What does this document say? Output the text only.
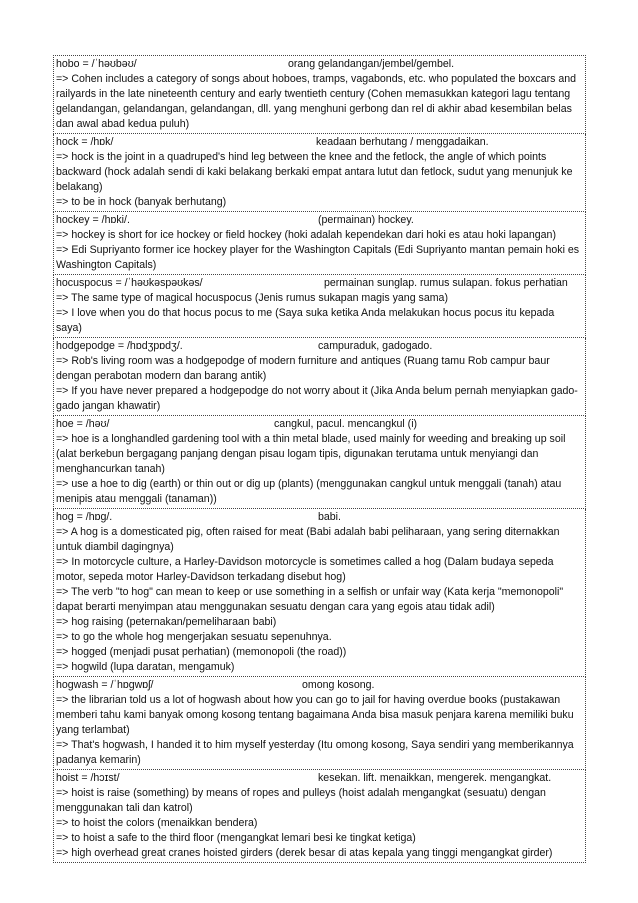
hobo = /ˈhəʊbəʊ/	orang gelandangan/jembel/gembel.
=> Cohen includes a category of songs about hoboes, tramps, vagabonds, etc. who populated the boxcars and railyards in the late nineteenth century and early twentieth century (Cohen memasukkan kategori lagu tentang gelandangan, gelandangan, gelandangan, dll. yang menghuni gerbong dan rel di akhir abad kesembilan belas dan awal abad kedua puluh)
hock = /hɒk/	keadaan berhutang / menggadaikan.
=> hock is the joint in a quadruped's hind leg between the knee and the fetlock, the angle of which points backward (hock adalah sendi di kaki belakang berkaki empat antara lutut dan fetlock, sudut yang menunjuk ke belakang)
=> to be in hock (banyak berhutang)
hockey = /hɒki/.	(permainan) hockey.
=> hockey is short for ice hockey or field hockey (hoki adalah kependekan dari hoki es atau hoki lapangan)
=> Edi Supriyanto former ice hockey player for the Washington Capitals (Edi Supriyanto mantan pemain hoki es Washington Capitals)
hocuspocus = /ˈhəʊkəspəʊkəs/	permainan sunglap. rumus sulapan. fokus perhatian
=> The same type of magical hocuspocus (Jenis rumus sukapan magis yang sama)
=> I love when you do that hocus pocus to me (Saya suka ketika Anda melakukan hocus pocus itu kepada saya)
hodgepodge = /hɒdʒpɒdʒ/.	campuraduk, gadogado.
=> Rob's living room was a hodgepodge of modern furniture and antiques (Ruang tamu Rob campur baur dengan perabotan modern dan barang antik)
=> If you have never prepared a hodgepodge do not worry about it (Jika Anda belum pernah menyiapkan gado-gado jangan khawatir)
hoe = /həʊ/	cangkul, pacul. mencangkul (i)
=> hoe is a longhandled gardening tool with a thin metal blade, used mainly for weeding and breaking up soil (alat berkebun bergagang panjang dengan pisau logam tipis, digunakan terutama untuk menyiangi dan menghancurkan tanah)
=> use a hoe to dig (earth) or thin out or dig up (plants) (menggunakan cangkul untuk menggali (tanah) atau menipis atau menggali (tanaman))
hog = /hɒg/.	babi.
=> A hog is a domesticated pig, often raised for meat (Babi adalah babi peliharaan, yang sering diternakkan untuk diambil dagingnya)
=> In motorcycle culture, a Harley-Davidson motorcycle is sometimes called a hog (Dalam budaya sepeda motor, sepeda motor Harley-Davidson terkadang disebut hog)
=> The verb "to hog" can mean to keep or use something in a selfish or unfair way (Kata kerja "memonopoli" dapat berarti menyimpan atau menggunakan sesuatu dengan cara yang egois atau tidak adil)
=> hog raising (peternakan/pemeliharaan babi)
=> to go the whole hog mengerjakan sesuatu sepenuhnya.
=> hogged (menjadi pusat perhatian) (memonopoli (the road))
=> hogwild (lupa daratan, mengamuk)
hogwash = /ˈhɒgwɒʃ/	omong kosong.
=> the librarian told us a lot of hogwash about how you can go to jail for having overdue books (pustakawan memberi tahu kami banyak omong kosong tentang bagaimana Anda bisa masuk penjara karena memiliki buku yang terlambat)
=> That's hogwash, I handed it to him myself yesterday (Itu omong kosong, Saya sendiri yang memberikannya padanya kemarin)
hoist = /hɔɪst/	kesekan. lift. menaikkan, mengerek. mengangkat.
=> hoist is raise (something) by means of ropes and pulleys (hoist adalah mengangkat (sesuatu) dengan menggunakan tali dan katrol)
=> to hoist the colors (menaikkan bendera)
=> to hoist a safe to the third floor (mengangkat lemari besi ke tingkat ketiga)
=> high overhead great cranes hoisted girders (derek besar di atas kepala yang tinggi mengangkat girder)
